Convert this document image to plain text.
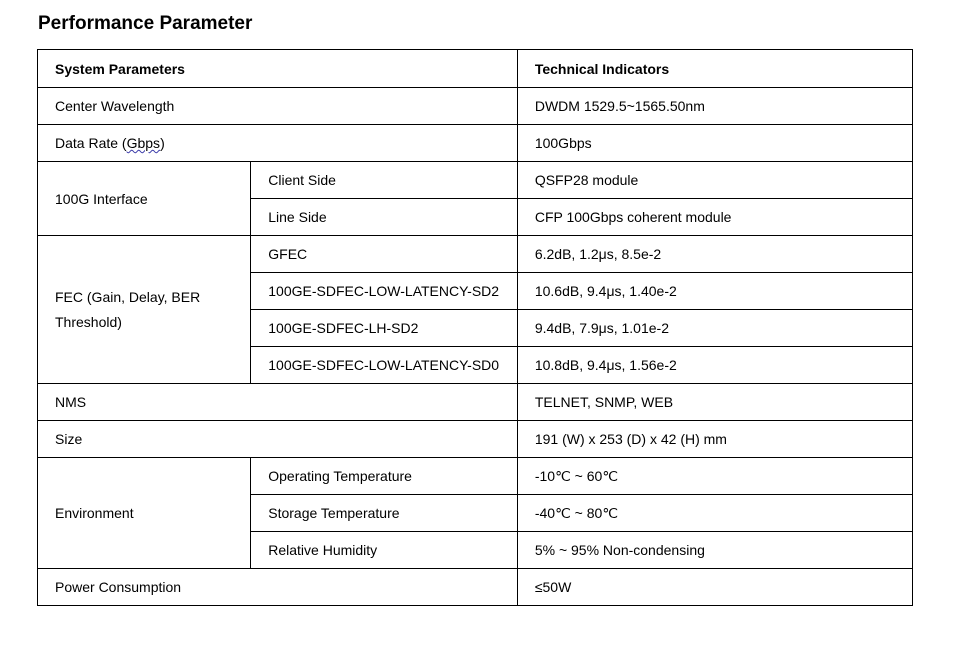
Performance Parameter
System Parameters		Technical Indicators
Center Wavelength		DWDM 1529.5~1565.50nm
Data Rate (Gbps)		100Gbps
100G Interface	Client Side	QSFP28 module
	Line Side	CFP 100Gbps coherent module
FEC (Gain, Delay, BER Threshold)	GFEC	6.2dB, 1.2μs, 8.5e-2
	100GE-SDFEC-LOW-LATENCY-SD2	10.6dB, 9.4μs, 1.40e-2
	100GE-SDFEC-LH-SD2	9.4dB, 7.9μs, 1.01e-2
	100GE-SDFEC-LOW-LATENCY-SD0	10.8dB, 9.4μs, 1.56e-2
NMS		TELNET, SNMP, WEB
Size		191 (W) x 253 (D) x 42 (H) mm
Environment	Operating Temperature	-10℃ ~ 60℃
	Storage Temperature	-40℃ ~ 80℃
	Relative Humidity	5% ~ 95% Non-condensing
Power Consumption		≤50W
